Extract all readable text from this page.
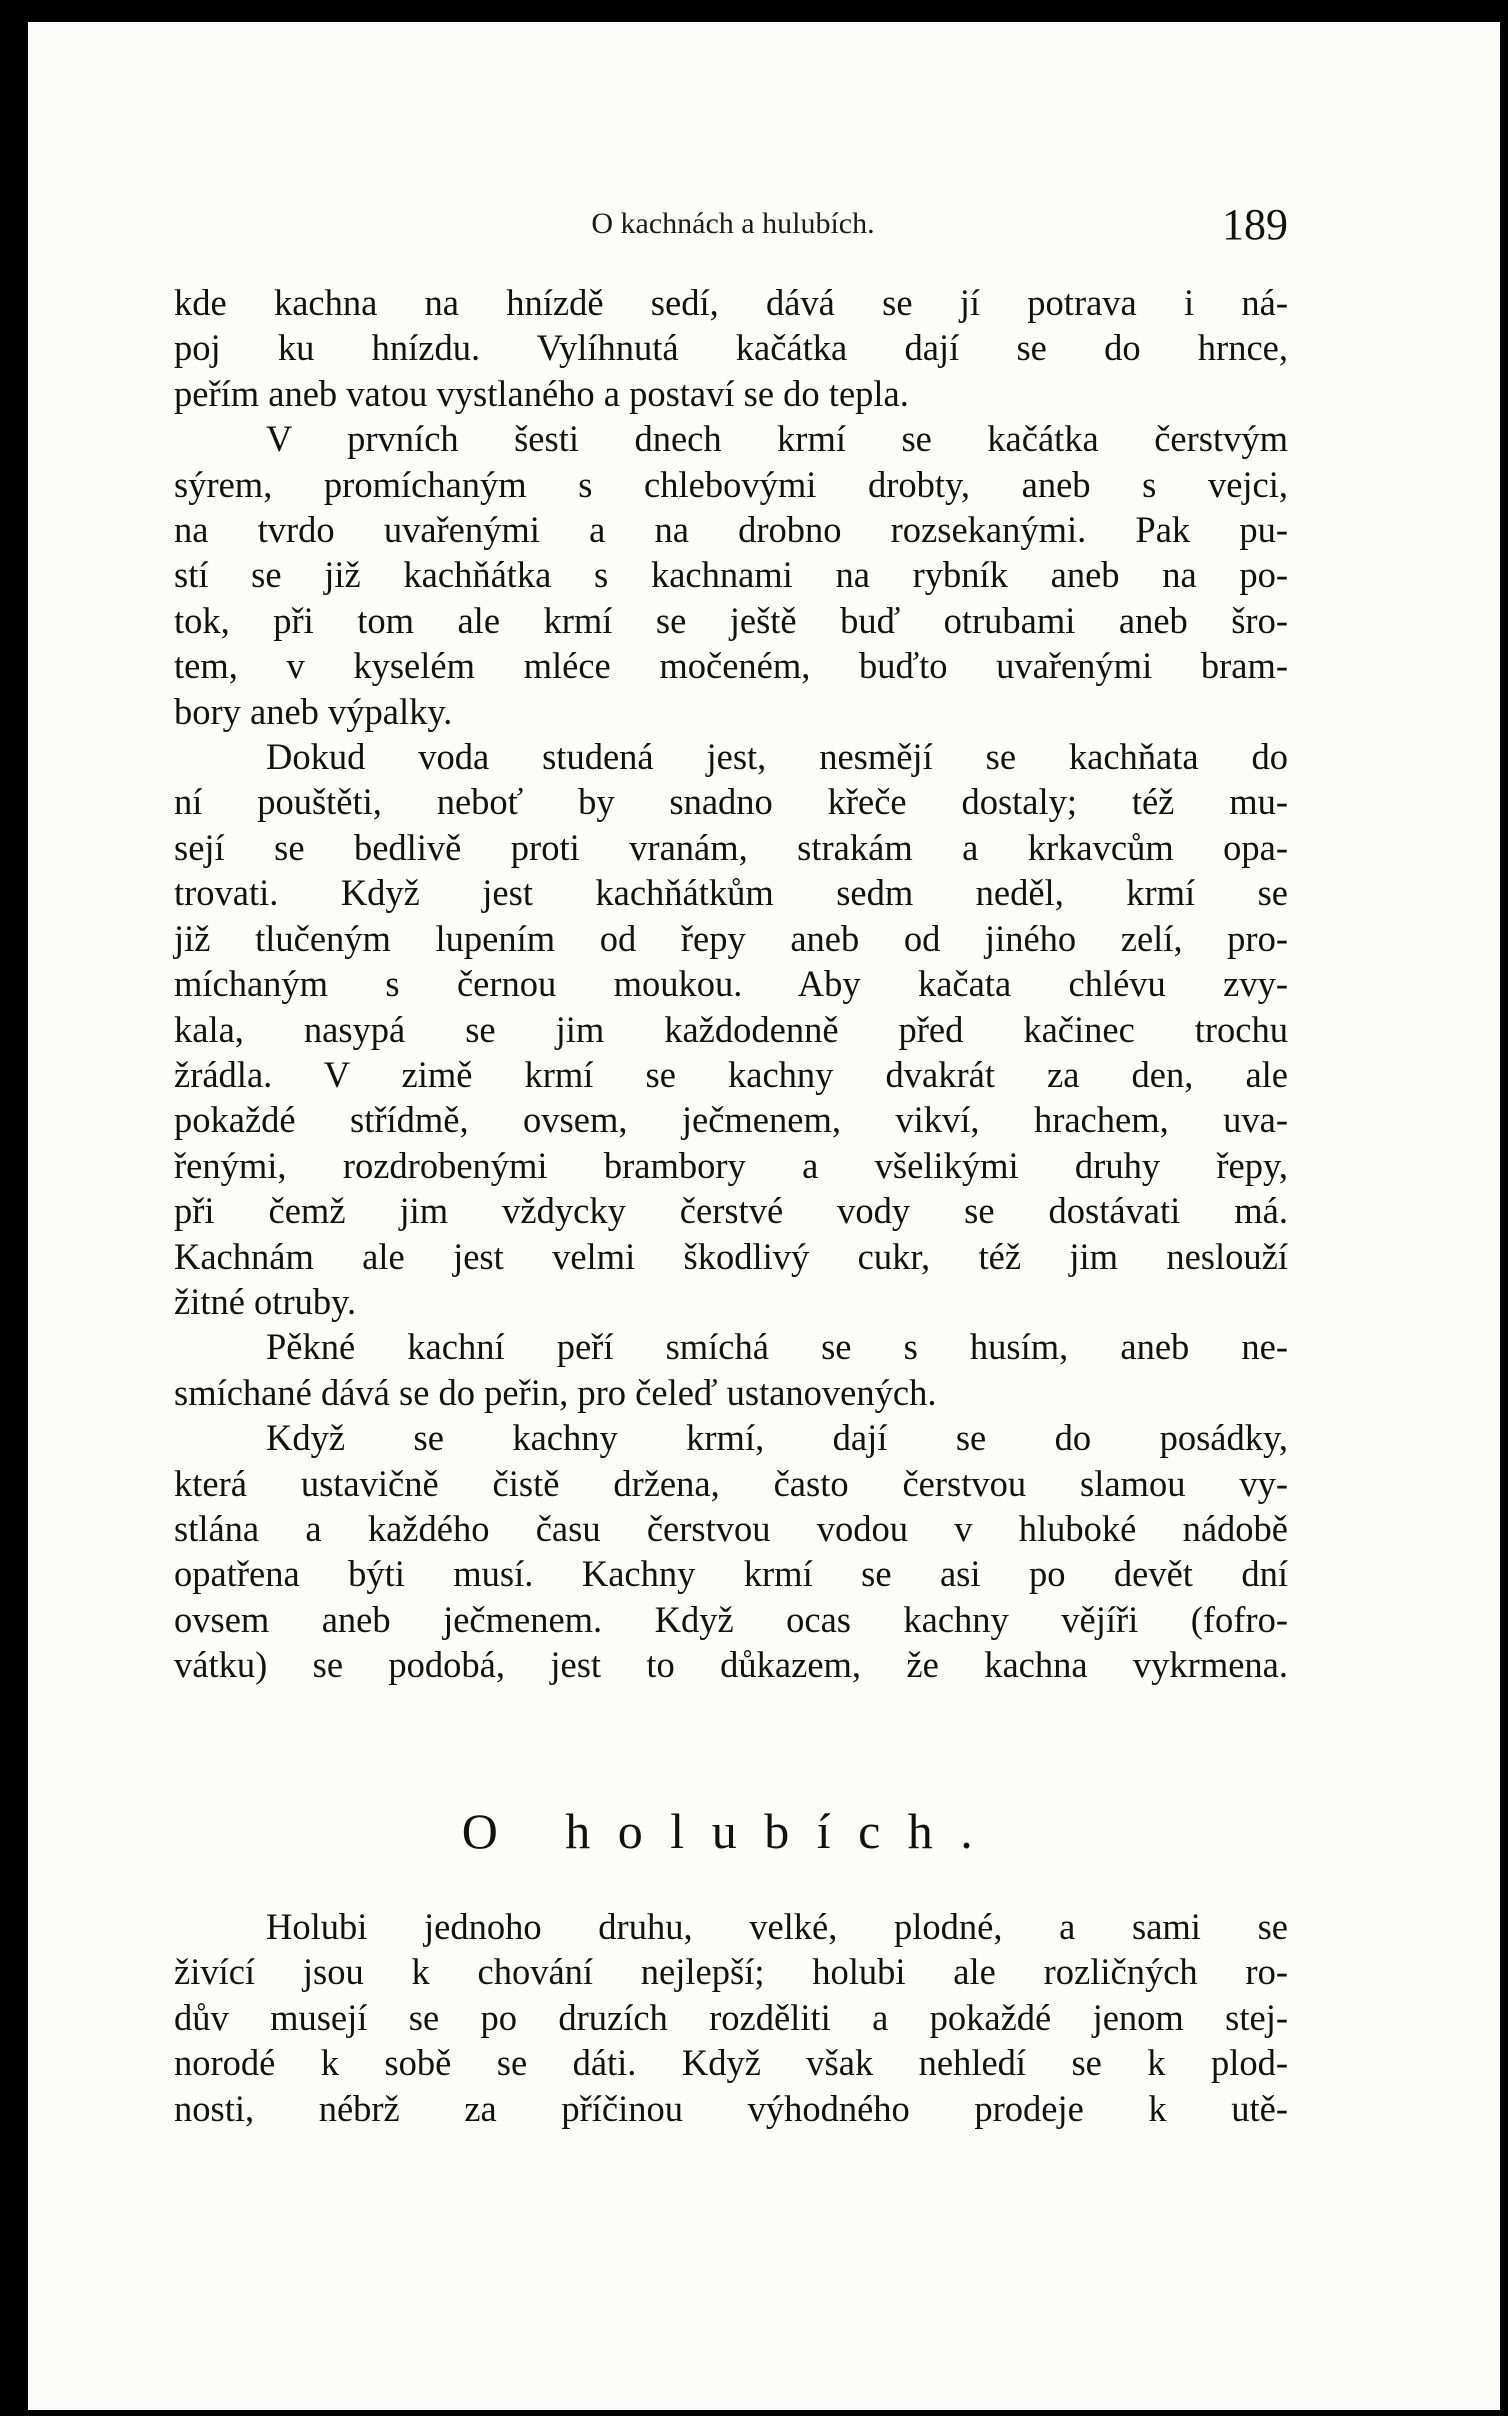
O kachnách a hulubích.	189
kde kachna na hnízdě sedí, dává se jí potrava i ná-
poj ku hnízdu. Vylíhnutá kačátka dají se do hrnce,
peřím aneb vatou vystlaného a postaví se do tepla.
V prvních šesti dnech krmí se kačátka čerstvým
sýrem, promíchaným s chlebovými drobty, aneb s vejci,
na tvrdo uvařenými a na drobno rozsekanými. Pak pu-
stí se již kachňátka s kachnami na rybník aneb na po-
tok, při tom ale krmí se ještě buď otrubami aneb šro-
tem, v kyselém mléce močeném, buďto uvařenými bram-
bory aneb výpalky.
Dokud voda studená jest, nesmějí se kachňata do
ní pouštěti, neboť by snadno křeče dostaly; též mu-
sejí se bedlivě proti vranám, strakám a krkavcům opa-
trovati. Když jest kachňátkům sedm neděl, krmí se
již tlučeným lupením od řepy aneb od jiného zelí, pro-
míchaným s černou moukou. Aby kačata chlévu zvy-
kala, nasypá se jim každodenně před kačinec trochu
žrádla. V zimě krmí se kachny dvakrát za den, ale
pokaždé střídmě, ovsem, ječmenem, vikví, hrachem, uva-
řenými, rozdrobenými brambory a všelikými druhy řepy,
při čemž jim vždycky čerstvé vody se dostávati má.
Kachnám ale jest velmi škodlivý cukr, též jim neslouží
žitné otruby.
Pěkné kachní peří smíchá se s husím, aneb ne-
smíchané dává se do peřin, pro čeleď ustanovených.
Když se kachny krmí, dají se do posádky,
která ustavičně čistě držena, často čerstvou slamou vy-
stlána a každého času čerstvou vodou v hluboké nádobě
opatřena býti musí. Kachny krmí se asi po devět dní
ovsem aneb ječmenem. Když ocas kachny vějíři (fofro-
vátku) se podobá, jest to důkazem, že kachna vykrmena.
O holubích.
Holubi jednoho druhu, velké, plodné, a sami se
živící jsou k chování nejlepší; holubi ale rozličných ro-
dův musejí se po druzích rozděliti a pokaždé jenom stej-
norodé k sobě se dáti. Když však nehledí se k plod-
nosti, nébrž za příčinou výhodného prodeje k utě-
